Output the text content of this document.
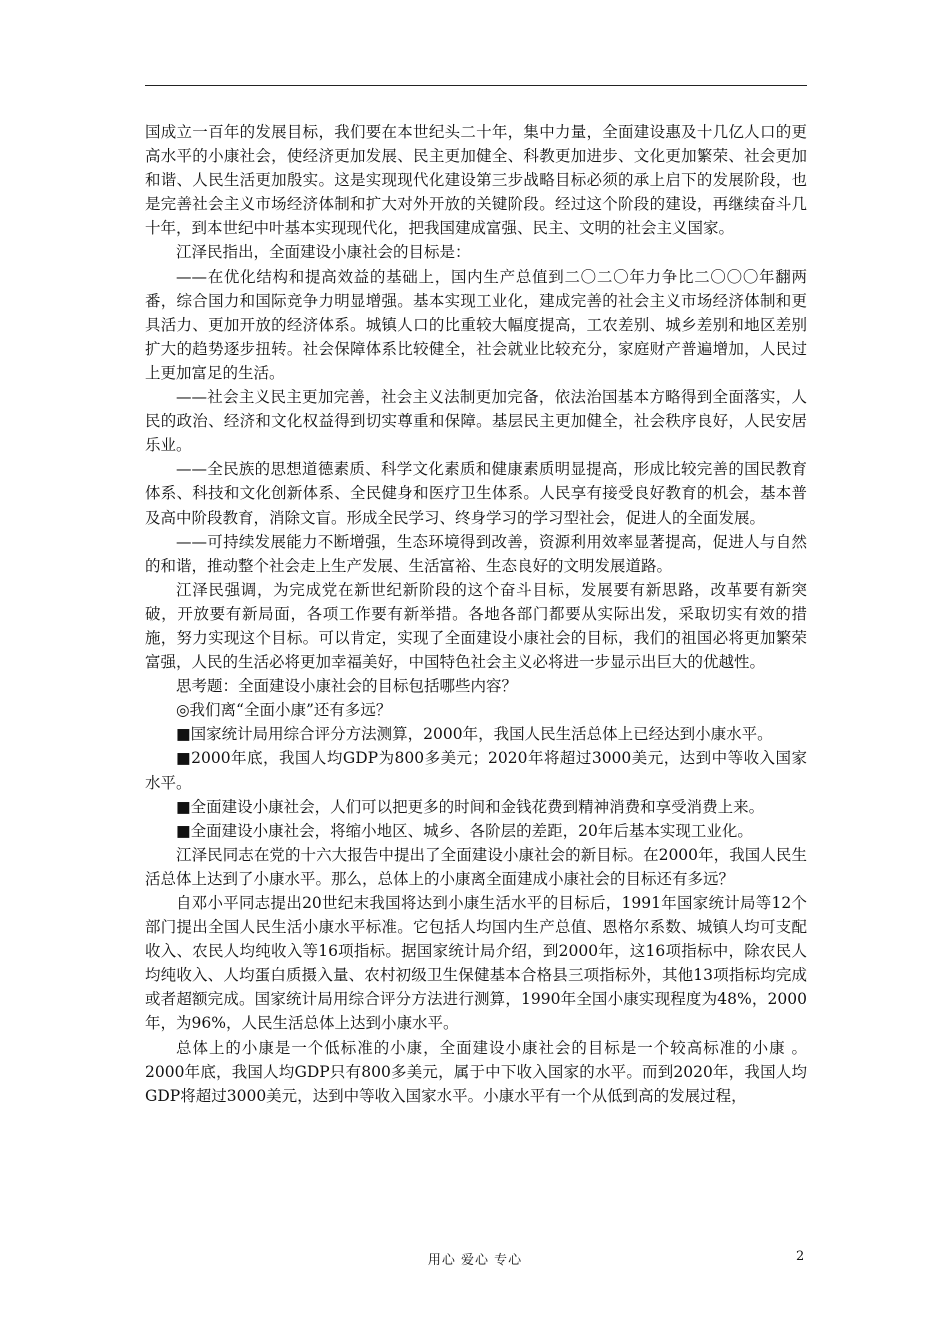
国成立一百年的发展目标，我们要在本世纪头二十年，集中力量，全面建设惠及十几亿人口的更高水平的小康社会，使经济更加发展、民主更加健全、科教更加进步、文化更加繁荣、社会更加和谐、人民生活更加殷实。这是实现现代化建设第三步战略目标必须的承上启下的发展阶段，也是完善社会主义市场经济体制和扩大对外开放的关键阶段。经过这个阶段的建设，再继续奋斗几十年，到本世纪中叶基本实现现代化，把我国建成富强、民主、文明的社会主义国家。

江泽民指出，全面建设小康社会的目标是：

——在优化结构和提高效益的基础上，国内生产总值到二〇二〇年力争比二〇〇〇年翻两番，综合国力和国际竞争力明显增强。基本实现工业化，建成完善的社会主义市场经济体制和更具活力、更加开放的经济体系。城镇人口的比重较大幅度提高，工农差别、城乡差别和地区差别扩大的趋势逐步扭转。社会保障体系比较健全，社会就业比较充分，家庭财产普遍增加，人民过上更加富足的生活。

——社会主义民主更加完善，社会主义法制更加完备，依法治国基本方略得到全面落实，人民的政治、经济和文化权益得到切实尊重和保障。基层民主更加健全，社会秩序良好，人民安居乐业。

——全民族的思想道德素质、科学文化素质和健康素质明显提高，形成比较完善的国民教育体系、科技和文化创新体系、全民健身和医疗卫生体系。人民享有接受良好教育的机会，基本普及高中阶段教育，消除文盲。形成全民学习、终身学习的学习型社会，促进人的全面发展。

——可持续发展能力不断增强，生态环境得到改善，资源利用效率显著提高，促进人与自然的和谐，推动整个社会走上生产发展、生活富裕、生态良好的文明发展道路。

江泽民强调，为完成党在新世纪新阶段的这个奋斗目标，发展要有新思路，改革要有新突破，开放要有新局面，各项工作要有新举措。各地各部门都要从实际出发，采取切实有效的措施，努力实现这个目标。可以肯定，实现了全面建设小康社会的目标，我们的祖国必将更加繁荣富强，人民的生活必将更加幸福美好，中国特色社会主义必将进一步显示出巨大的优越性。

思考题：全面建设小康社会的目标包括哪些内容？

◎我们离“全面小康”还有多远？

■国家统计局用综合评分方法测算，2000年，我国人民生活总体上已经达到小康水平。

■2000年底，我国人均GDP为800多美元；2020年将超过3000美元，达到中等收入国家水平。

■全面建设小康社会，人们可以把更多的时间和金钱花费到精神消费和享受消费上来。

■全面建设小康社会，将缩小地区、城乡、各阶层的差距，20年后基本实现工业化。

江泽民同志在党的十六大报告中提出了全面建设小康社会的新目标。在2000年，我国人民生活总体上达到了小康水平。那么，总体上的小康离全面建成小康社会的目标还有多远？

自邓小平同志提出20世纪末我国将达到小康生活水平的目标后，1991年国家统计局等12个部门提出全国人民生活小康水平标准。它包括人均国内生产总值、恩格尔系数、城镇人均可支配收入、农民人均纯收入等16项指标。据国家统计局介绍，到2000年，这16项指标中，除农民人均纯收入、人均蛋白质摄入量、农村初级卫生保健基本合格县三项指标外，其他13项指标均完成或者超额完成。国家统计局用综合评分方法进行测算，1990年全国小康实现程度为48%，2000年，为96%，人民生活总体上达到小康水平。

总体上的小康是一个低标准的小康，全面建设小康社会的目标是一个较高标准的小康 。2000年底，我国人均GDP只有800多美元，属于中下收入国家的水平。而到2020年，我国人均GDP将超过3000美元，达到中等收入国家水平。小康水平有一个从低到高的发展过程，

用心 爱心 专心	2
